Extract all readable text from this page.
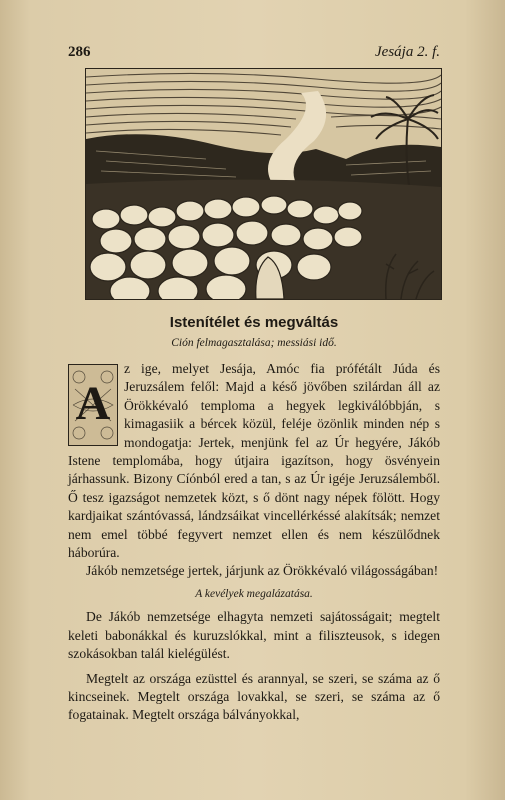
286	Jesája 2. f.
Istenítélet és megváltás
Ción felmagasztalása; messiási idő.
A

z ige, melyet Jesája, Amóc fia prófétált Júda és Jeruzsálem felől: Majd a késő jövőben szilárdan áll az Örökkévaló temploma a hegyek legkiválóbbján, s kimagasiik a bércek közül, feléje özönlik minden nép s mondogatja: Jertek, menjünk fel az Úr hegyére, Jákób Istene templomába, hogy útjaira igazítson, hogy ösvényein járhassunk. Bizony Cíónból ered a tan, s az Úr igéje Jeruzsálemből. Ő tesz igazságot nemzetek közt, s ő dönt nagy népek fölött. Hogy kardjaikat szántóvassá, lándzsáikat vincellérkéssé alakítsák; nemzet nem emel többé fegyvert nemzet ellen és nem készülődnek háborúra.

Jákób nemzetsége jertek, járjunk az Örökkévaló világosságában!

A kevélyek megalázatása.

De Jákób nemzetsége elhagyta nemzeti sajátosságait; megtelt keleti babonákkal és kuruzslókkal, mint a filiszteusok, s idegen szokásokban talál kielégülést.

Megtelt az országa ezüsttel és arannyal, se szeri, se száma az ő kincseinek. Megtelt országa lovakkal, se szeri, se száma az ő fogatainak. Megtelt országa bálványokkal,
